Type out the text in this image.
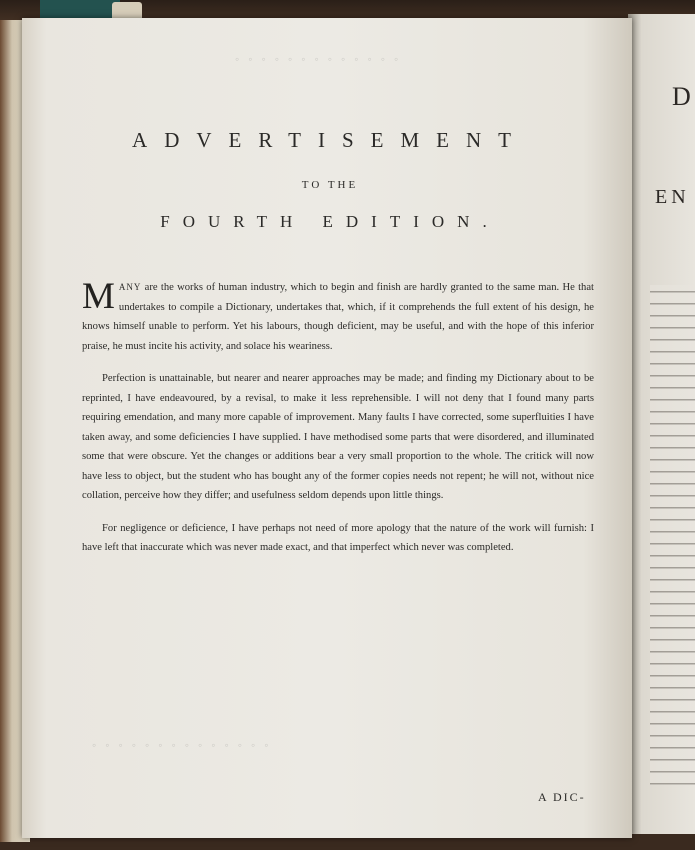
D
EN
◦ ◦ ◦ ◦ ◦ ◦ ◦ ◦ ◦ ◦ ◦ ◦ ◦
◦ ◦ ◦ ◦ ◦ ◦ ◦ ◦ ◦ ◦ ◦ ◦ ◦ ◦
ADVERTISEMENT
TO THE
FOURTH EDITION.

MANY are the works of human industry, which to begin and finish are hardly granted to the same man. He that undertakes to compile a Dictionary, undertakes that, which, if it comprehends the full extent of his design, he knows himself unable to perform. Yet his labours, though deficient, may be useful, and with the hope of this inferior praise, he must incite his activity, and solace his weariness.

Perfection is unattainable, but nearer and nearer approaches may be made; and finding my Dictionary about to be reprinted, I have endeavoured, by a revisal, to make it less reprehensible. I will not deny that I found many parts requiring emendation, and many more capable of improvement. Many faults I have corrected, some superfluities I have taken away, and some deficiencies I have supplied. I have methodised some parts that were disordered, and illuminated some that were obscure. Yet the changes or additions bear a very small proportion to the whole. The critick will now have less to object, but the student who has bought any of the former copies needs not repent; he will not, without nice collation, perceive how they differ; and usefulness seldom depends upon little things.

For negligence or deficience, I have perhaps not need of more apology that the nature of the work will furnish: I have left that inaccurate which was never made exact, and that imperfect which never was completed.

A DIC-
